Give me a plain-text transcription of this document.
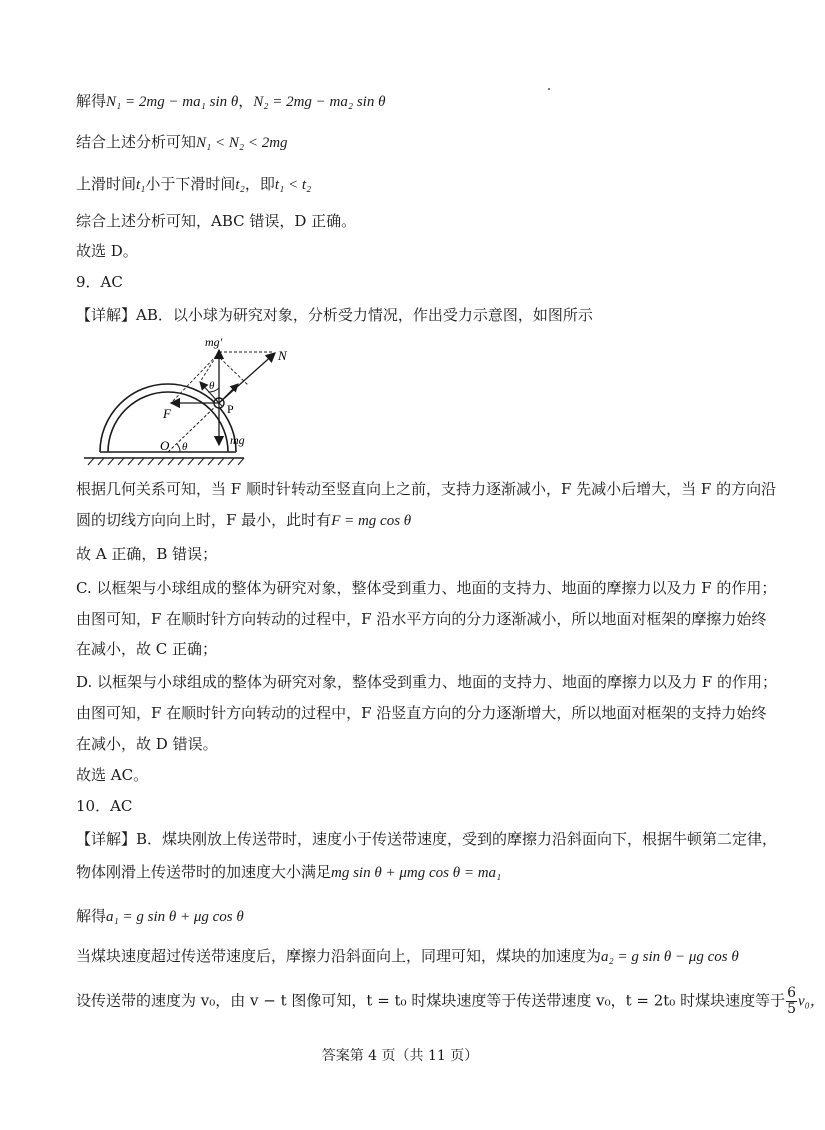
解得N₁ = 2mg − ma₁ sin θ，N₂ = 2mg − ma₂ sin θ
结合上述分析可知N₁ < N₂ < 2mg
上滑时间t₁小于下滑时间t₂，即t₁ < t₂
综合上述分析可知，ABC 错误，D 正确。
故选 D。
9．AC
【详解】AB．以小球为研究对象，分析受力情况，作出受力示意图，如图所示
mg′
N
θ
F	P
O θ	mg
根据几何关系可知，当 F 顺时针转动至竖直向上之前，支持力逐渐减小，F 先减小后增大，当 F 的方向沿
圆的切线方向向上时，F 最小，此时有F = mg cos θ
故 A 正确，B 错误；
C. 以框架与小球组成的整体为研究对象，整体受到重力、地面的支持力、地面的摩擦力以及力 F 的作用；
由图可知，F 在顺时针方向转动的过程中，F 沿水平方向的分力逐渐减小，所以地面对框架的摩擦力始终
在减小，故 C 正确；
D. 以框架与小球组成的整体为研究对象，整体受到重力、地面的支持力、地面的摩擦力以及力 F 的作用；
由图可知，F 在顺时针方向转动的过程中，F 沿竖直方向的分力逐渐增大，所以地面对框架的支持力始终
在减小，故 D 错误。
故选 AC。
10．AC
【详解】B．煤块刚放上传送带时，速度小于传送带速度，受到的摩擦力沿斜面向下，根据牛顿第二定律，
物体刚滑上传送带时的加速度大小满足mg sin θ + μmg cos θ = ma₁
解得a₁ = g sin θ + μg cos θ
当煤块速度超过传送带速度后，摩擦力沿斜面向上，同理可知，煤块的加速度为a₂ = g sin θ − μg cos θ
设传送带的速度为 v₀，由 v − t 图像可知，t = t₀ 时煤块速度等于传送带速度 v₀，t = 2t₀ 时煤块速度等于 $\frac{6}{5} v_0$，
答案第 4 页（共 11 页）
